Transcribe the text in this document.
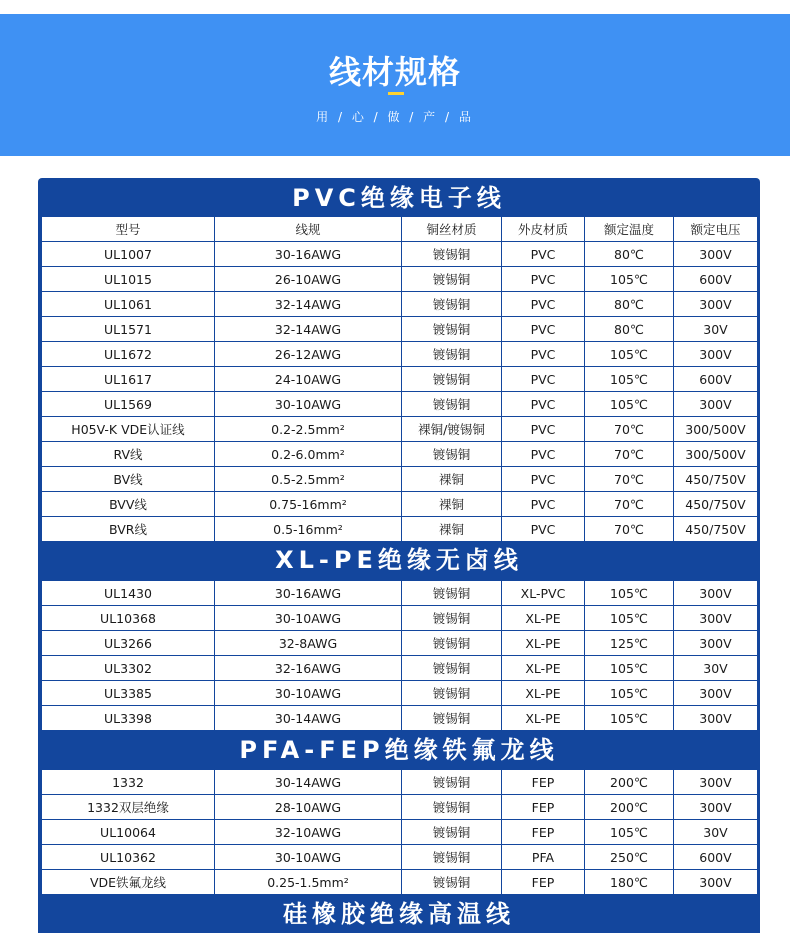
线材规格
用 / 心 / 做 / 产 / 品
PVC绝缘电子线
型号	线规	铜丝材质	外皮材质	额定温度	额定电压
UL1007	30-16AWG	镀锡铜	PVC	80℃	300V
UL1015	26-10AWG	镀锡铜	PVC	105℃	600V
UL1061	32-14AWG	镀锡铜	PVC	80℃	300V
UL1571	32-14AWG	镀锡铜	PVC	80℃	30V
UL1672	26-12AWG	镀锡铜	PVC	105℃	300V
UL1617	24-10AWG	镀锡铜	PVC	105℃	600V
UL1569	30-10AWG	镀锡铜	PVC	105℃	300V
H05V-K VDE认证线	0.2-2.5mm²	裸铜/镀锡铜	PVC	70℃	300/500V
RV线	0.2-6.0mm²	镀锡铜	PVC	70℃	300/500V
BV线	0.5-2.5mm²	裸铜	PVC	70℃	450/750V
BVV线	0.75-16mm²	裸铜	PVC	70℃	450/750V
BVR线	0.5-16mm²	裸铜	PVC	70℃	450/750V
XL-PE绝缘无卤线
UL1430	30-16AWG	镀锡铜	XL-PVC	105℃	300V
UL10368	30-10AWG	镀锡铜	XL-PE	105℃	300V
UL3266	32-8AWG	镀锡铜	XL-PE	125℃	300V
UL3302	32-16AWG	镀锡铜	XL-PE	105℃	30V
UL3385	30-10AWG	镀锡铜	XL-PE	105℃	300V
UL3398	30-14AWG	镀锡铜	XL-PE	105℃	300V
PFA-FEP绝缘铁氟龙线
1332	30-14AWG	镀锡铜	FEP	200℃	300V
1332双层绝缘	28-10AWG	镀锡铜	FEP	200℃	300V
UL10064	32-10AWG	镀锡铜	FEP	105℃	30V
UL10362	30-10AWG	镀锡铜	PFA	250℃	600V
VDE铁氟龙线	0.25-1.5mm²	镀锡铜	FEP	180℃	300V
硅橡胶绝缘高温线
